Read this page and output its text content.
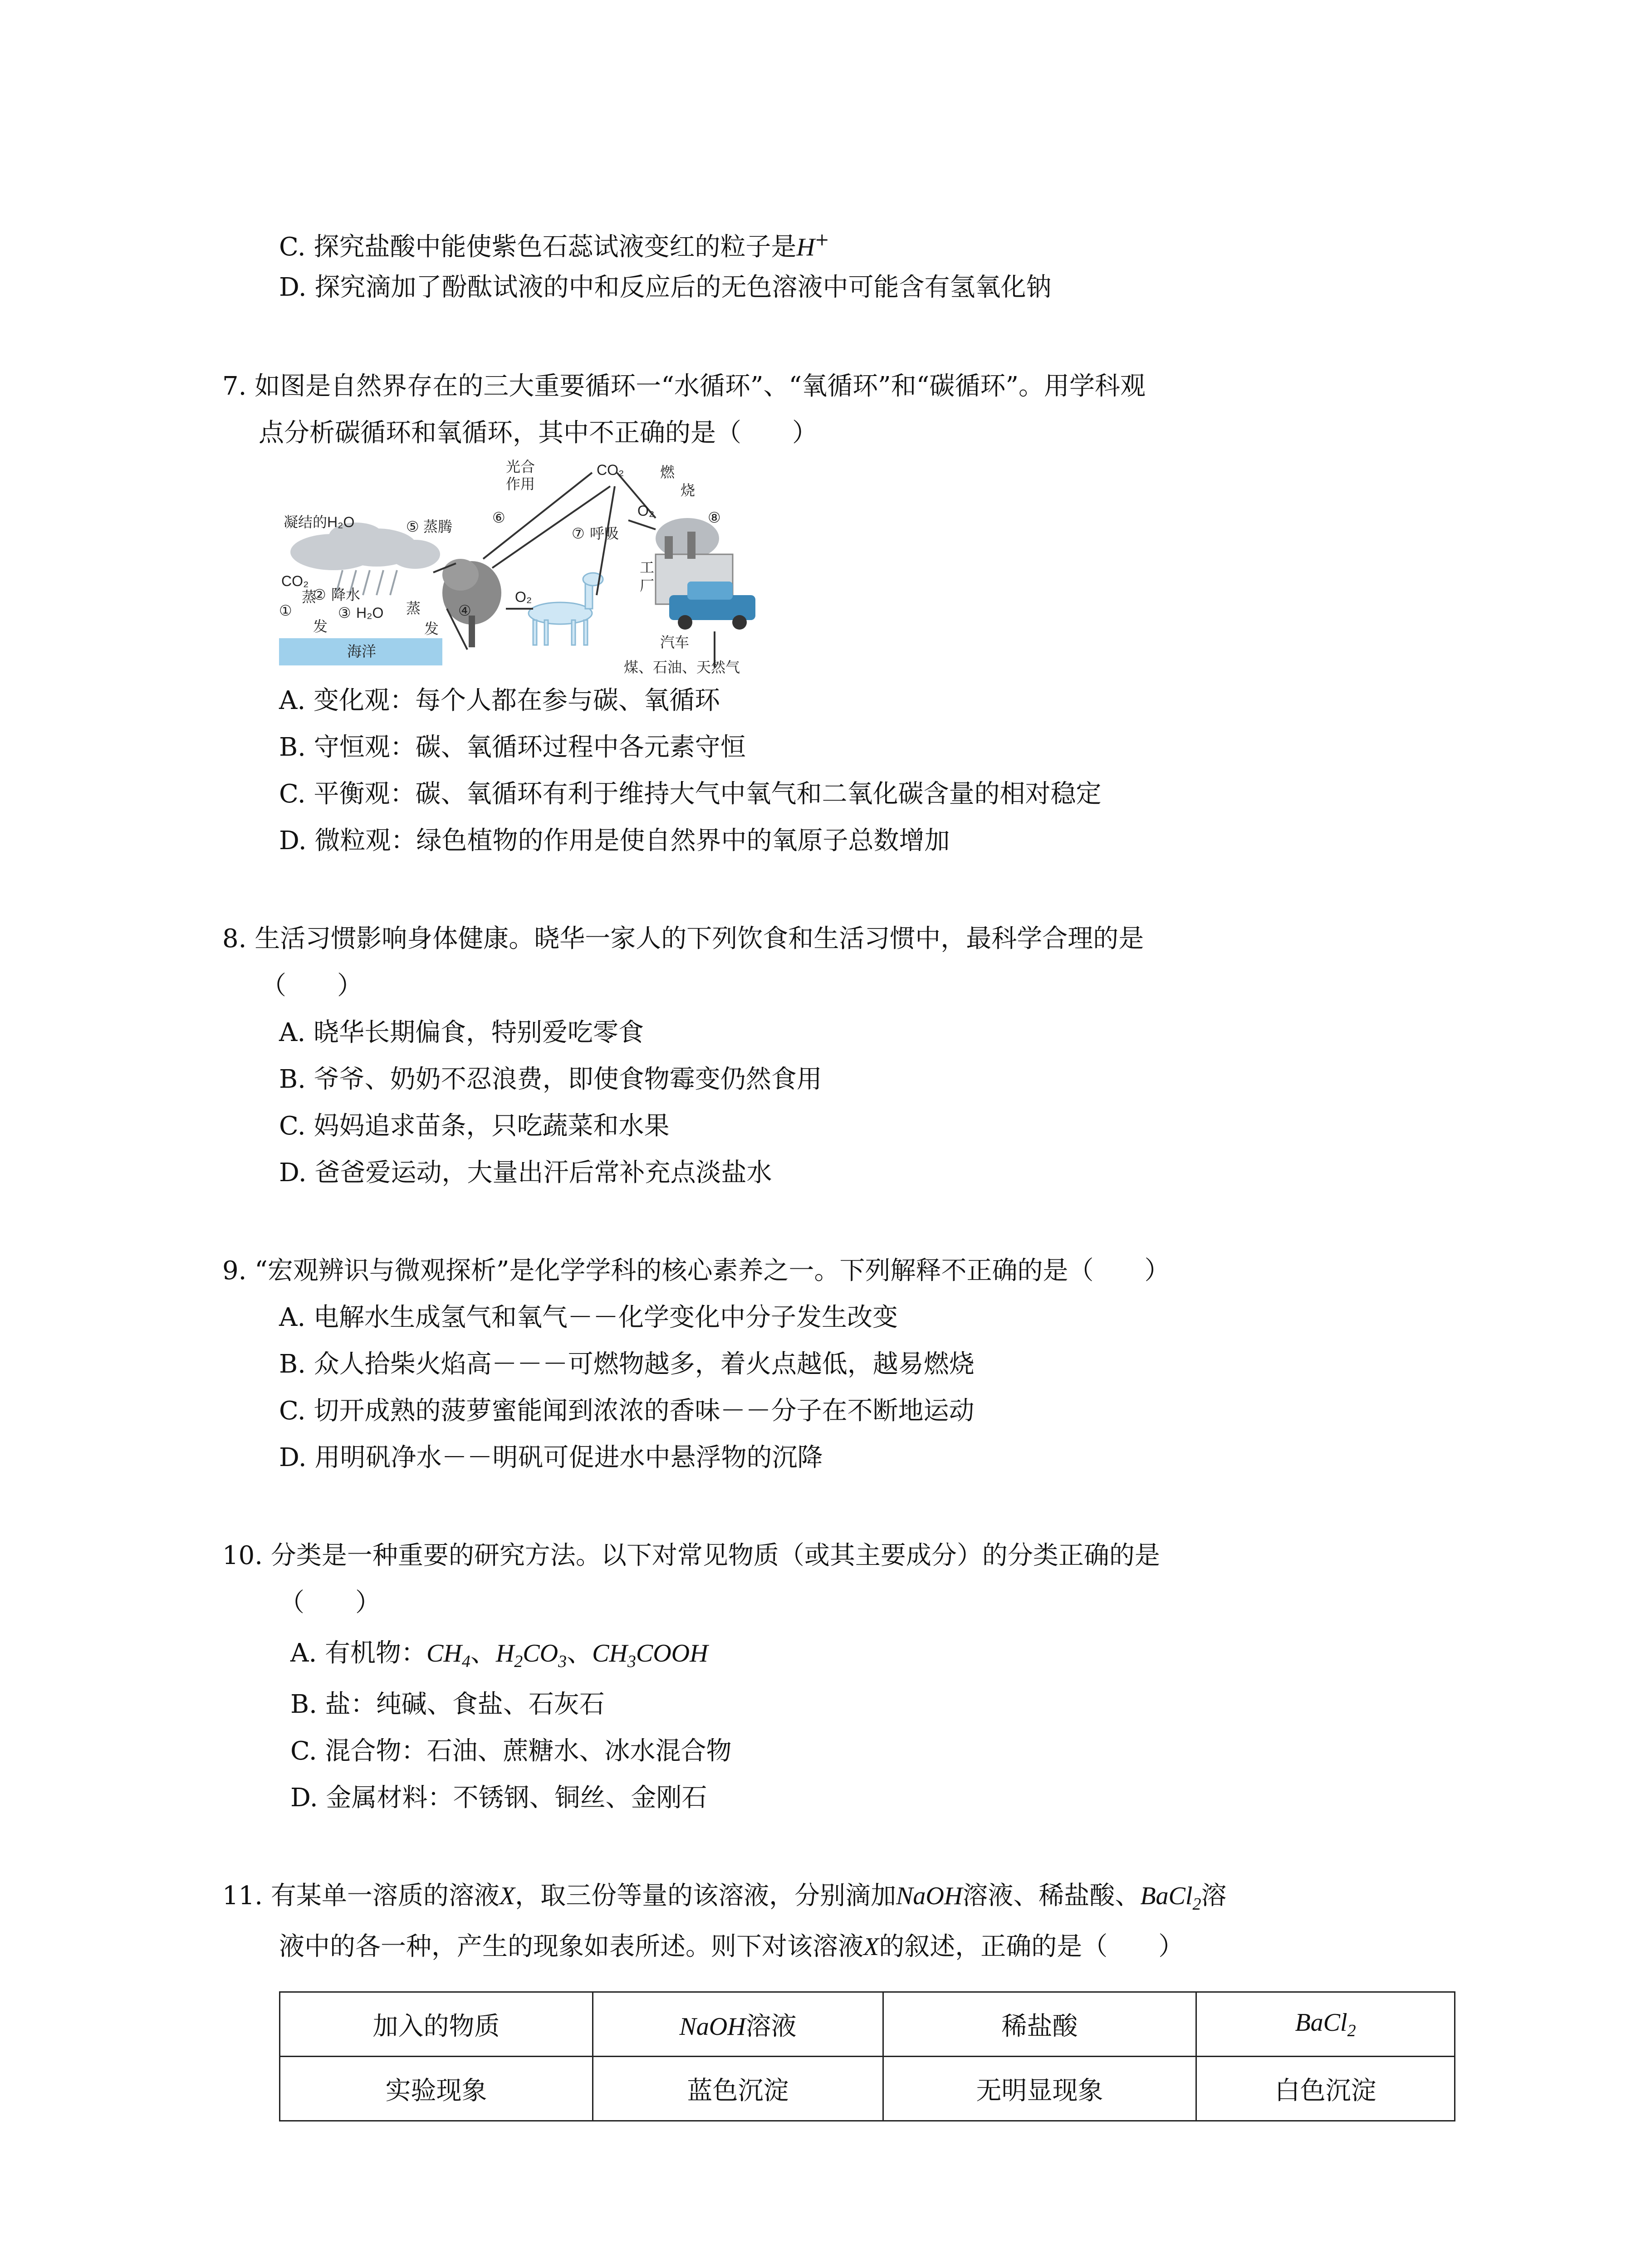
C. 探究盐酸中能使紫色石蕊试液变红的粒子是H+
D. 探究滴加了酚酞试液的中和反应后的无色溶液中可能含有氢氧化钠
7. 如图是自然界存在的三大重要循环一“水循环”、“氧循环”和“碳循环”。用学科观
点分析碳循环和氧循环，其中不正确的是（　　）
光合
作用
CO₂ 燃
烧
O₂
凝结的H₂O	⑤ 蒸腾
⑥
⑦ 呼吸
⑧
工
厂
CO₂
② 降水
①
蒸
③ H₂O 蒸
发	发
海洋
④
O₂
汽车
煤、石油、天然气
A. 变化观：每个人都在参与碳、氧循环
B. 守恒观：碳、氧循环过程中各元素守恒
C. 平衡观：碳、氧循环有利于维持大气中氧气和二氧化碳含量的相对稳定
D. 微粒观：绿色植物的作用是使自然界中的氧原子总数增加
8. 生活习惯影响身体健康。晓华一家人的下列饮食和生活习惯中，最科学合理的是
（　　）
A. 晓华长期偏食，特别爱吃零食
B. 爷爷、奶奶不忍浪费，即使食物霉变仍然食用
C. 妈妈追求苗条，只吃蔬菜和水果
D. 爸爸爱运动，大量出汗后常补充点淡盐水
9. “宏观辨识与微观探析”是化学学科的核心素养之一。下列解释不正确的是（　　）
A. 电解水生成氢气和氧气－－化学变化中分子发生改变
B. 众人拾柴火焰高－－－可燃物越多，着火点越低，越易燃烧
C. 切开成熟的菠萝蜜能闻到浓浓的香味－－分子在不断地运动
D. 用明矾净水－－明矾可促进水中悬浮物的沉降
10. 分类是一种重要的研究方法。以下对常见物质（或其主要成分）的分类正确的是
（　　）
A. 有机物：$CH_4$、$H_2CO_3$、$CH_3COOH$
B. 盐：纯碱、食盐、石灰石
C. 混合物：石油、蔗糖水、冰水混合物
D. 金属材料：不锈钢、铜丝、金刚石
11. 有某单一溶质的溶液X，取三份等量的该溶液，分别滴加NaOH溶液、稀盐酸、BaCl$_2$溶
液中的各一种，产生的现象如表所述。则下对该溶液X的叙述，正确的是（　　）
加入的物质	NaOH溶液	稀盐酸	BaCl$_2$
实验现象	蓝色沉淀	无明显现象	白色沉淀
